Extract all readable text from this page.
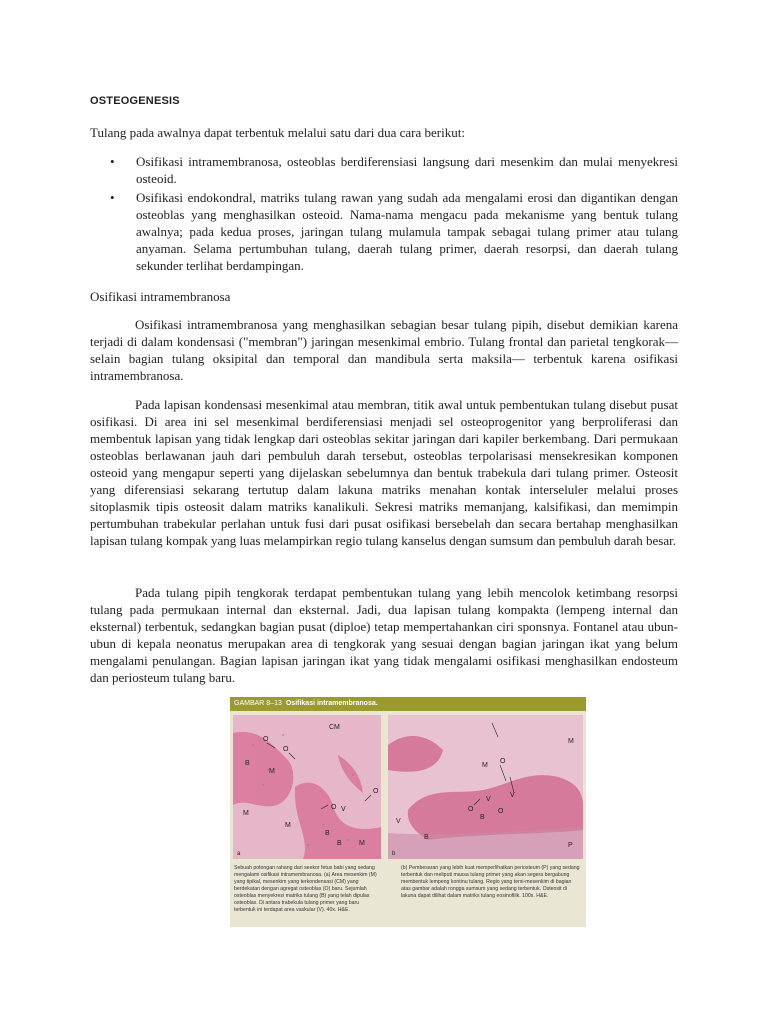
OSTEOGENESIS
Tulang pada awalnya dapat terbentuk melalui satu dari dua cara berikut:
• Osifikasi intramembranosa, osteoblas berdiferensiasi langsung dari mesenkim dan mulai menyekresi osteoid.
• Osifikasi endokondral, matriks tulang rawan yang sudah ada mengalami erosi dan digantikan dengan osteoblas yang menghasilkan osteoid. Nama-nama mengacu pada mekanisme yang bentuk tulang awalnya; pada kedua proses, jaringan tulang mulamula tampak sebagai tulang primer atau tulang anyaman. Selama pertumbuhan tulang, daerah tulang primer, daerah resorpsi, dan daerah tulang sekunder terlihat berdampingan.
Osifikasi intramembranosa
Osifikasi intramembranosa yang menghasilkan sebagian besar tulang pipih, disebut demikian karena terjadi di dalam kondensasi ("membran") jaringan mesenkimal embrio. Tulang frontal dan parietal tengkorak—selain bagian tulang oksipital dan temporal dan mandibula serta maksila— terbentuk karena osifikasi intramembranosa.
Pada lapisan kondensasi mesenkimal atau membran, titik awal untuk pembentukan tulang disebut pusat osifikasi. Di area ini sel mesenkimal berdiferensiasi menjadi sel osteoprogenitor yang berproliferasi dan membentuk lapisan yang tidak lengkap dari osteoblas sekitar jaringan dari kapiler berkembang. Dari permukaan osteoblas berlawanan jauh dari pembuluh darah tersebut, osteoblas terpolarisasi mensekresikan komponen osteoid yang mengapur seperti yang dijelaskan sebelumnya dan bentuk trabekula dari tulang primer. Osteosit yang diferensiasi sekarang tertutup dalam lakuna matriks menahan kontak interseluler melalui proses sitoplasmik tipis osteosit dalam matriks kanalikuli. Sekresi matriks memanjang, kalsifikasi, dan memimpin pertumbuhan trabekular perlahan untuk fusi dari pusat osifikasi bersebelah dan secara bertahap menghasilkan lapisan tulang kompak yang luas melampirkan regio tulang kanselus dengan sumsum dan pembuluh darah besar.
Pada tulang pipih tengkorak terdapat pembentukan tulang yang lebih mencolok ketimbang resorpsi tulang pada permukaan internal dan eksternal. Jadi, dua lapisan tulang kompakta (lempeng internal dan eksternal) terbentuk, sedangkan bagian pusat (diploe) tetap mempertahankan ciri sponsnya. Fontanel atau ubun-ubun di kepala neonatus merupakan area di tengkorak yang sesuai dengan bagian jaringan ikat yang belum mengalami penulangan. Bagian lapisan jaringan ikat yang tidak mengalami osifikasi menghasilkan endosteum dan periosteum tulang baru.
GAMBAR 8–13 Osifikasi intramembranosa.
CM
O
O
B
M
O V
O
M
M
B
B M
a
M
M
O
V
V
O
B
O
V
B
P
b
Sebuah potongan rahang dari seekor fetus babi yang sedang mengalami osifikasi intramembranosa. (a) Area mesenkim (M) yang tipikal, mesenkim yang terkondensasi (CM) yang berdekatan dengan agregat osteoblas (O) baru. Sejumlah osteoblas menyekresi matriks tulang (B) yang telah dipulas osteoblas. Di antara trabekula tulang primer yang baru terbentuk ini terdapat area vaskular (V). 40x. H&E.
(b) Pembesaran yang lebih kuat memperlihatkan periosteum (P) yang sedang terbentuk dan meliputi massa tulang primer yang akan segera bergabung membentuk lempeng kontinu tulang. Regio yang tersi-mesenkim di bagian atas gambar adalah rongga sumsum yang sedang terbentuk. Osteosit di lakuna dapat dilihat dalam matriks tulang eosinofilik. 100x. H&E.
